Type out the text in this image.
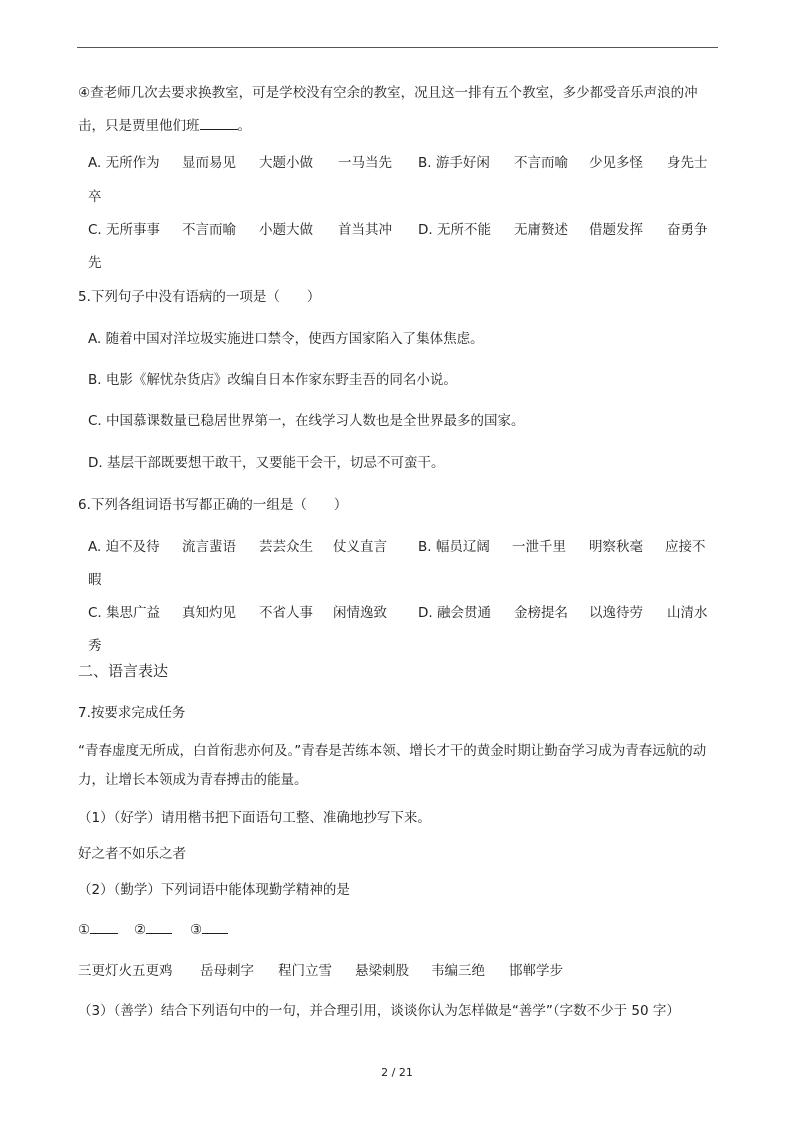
④查老师几次去要求换教室，可是学校没有空余的教室，况且这一排有五个教室，多少都受音乐声浪的冲击，只是贾里他们班	。
A. 无所作为 显而易见 大题小做 一马当先 B. 游手好闲 不言而喻 少见多怪 身先士
卒
C. 无所事事 不言而喻 小题大做 首当其冲 D. 无所不能 无庸赘述 借题发挥 奋勇争
先
5.下列句子中没有语病的一项是（　　）
A. 随着中国对洋垃圾实施进口禁令，使西方国家陷入了集体焦虑。
B. 电影《解忧杂货店》改编自日本作家东野圭吾的同名小说。
C. 中国慕课数量已稳居世界第一，在线学习人数也是全世界最多的国家。
D. 基层干部既要想干敢干，又要能干会干，切忌不可蛮干。
6.下列各组词语书写都正确的一组是（　　）
A. 迫不及待 流言蜚语 芸芸众生 仗义直言 B. 幅员辽阔 一泄千里 明察秋毫 应接不
暇
C. 集思广益 真知灼见 不省人事 闲情逸致 D. 融会贯通 金榜提名 以逸待劳 山清水
秀
二、语言表达
7.按要求完成任务
“青春虚度无所成，白首衔悲亦何及。”青春是苦练本领、增长才干的黄金时期让勤奋学习成为青春远航的动力，让增长本领成为青春搏击的能量。
（1）（好学）请用楷书把下面语句工整、准确地抄写下来。
好之者不如乐之者
（2）（勤学）下列词语中能体现勤学精神的是
①	②	③
三更灯火五更鸡 岳母刺字 程门立雪 悬梁刺股 韦编三绝 邯郸学步
（3）（善学）结合下列语句中的一句，并合理引用，谈谈你认为怎样做是“善学”（字数不少于 50 字）
2 / 21
